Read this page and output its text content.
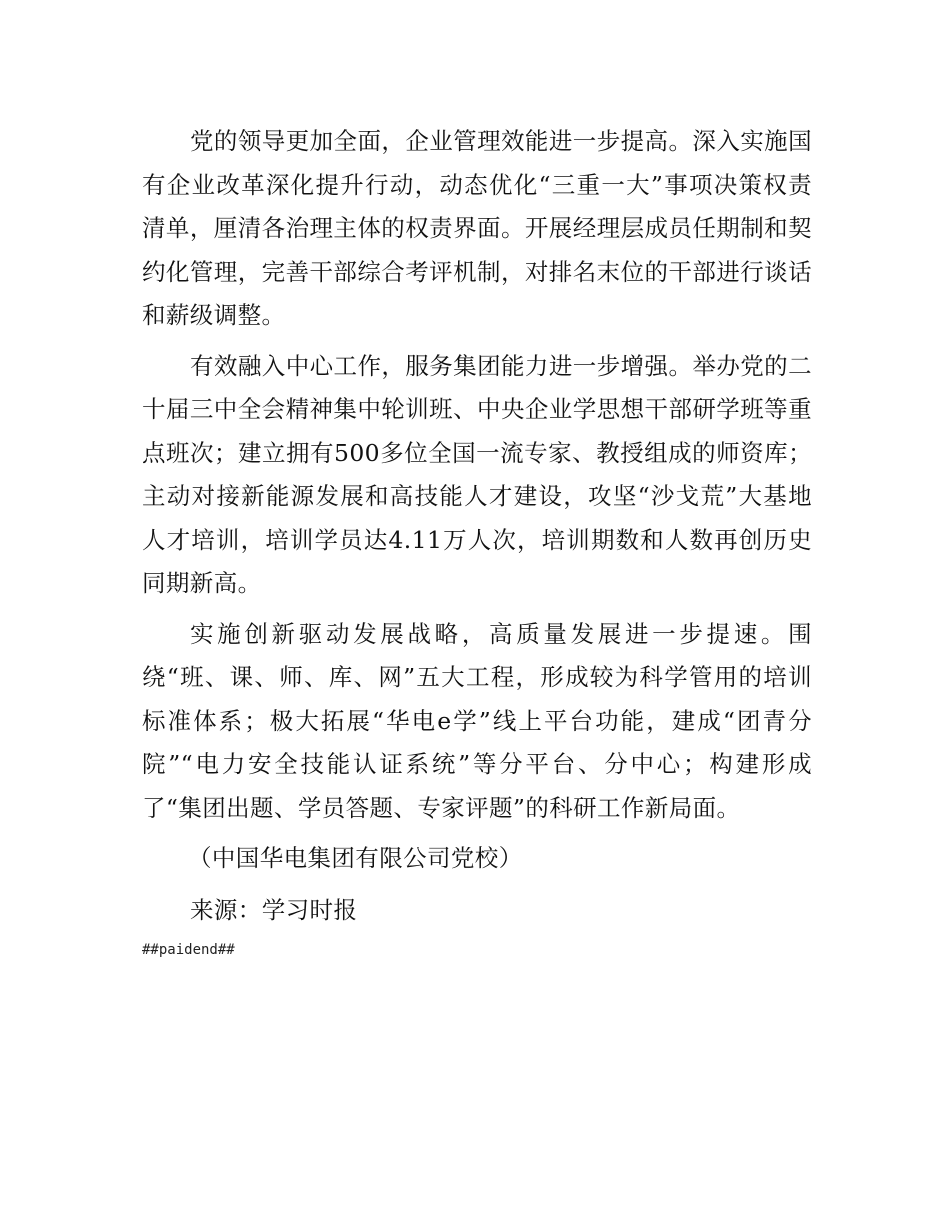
党的领导更加全面，企业管理效能进一步提高。深入实施国有企业改革深化提升行动，动态优化“三重一大”事项决策权责清单，厘清各治理主体的权责界面。开展经理层成员任期制和契约化管理，完善干部综合考评机制，对排名末位的干部进行谈话和薪级调整。

有效融入中心工作，服务集团能力进一步增强。举办党的二十届三中全会精神集中轮训班、中央企业学思想干部研学班等重点班次；建立拥有500多位全国一流专家、教授组成的师资库；主动对接新能源发展和高技能人才建设，攻坚“沙戈荒”大基地人才培训，培训学员达4.11万人次，培训期数和人数再创历史同期新高。

实施创新驱动发展战略，高质量发展进一步提速。围绕“班、课、师、库、网”五大工程，形成较为科学管用的培训标准体系；极大拓展“华电e学”线上平台功能，建成“团青分院”“电力安全技能认证系统”等分平台、分中心；构建形成了“集团出题、学员答题、专家评题”的科研工作新局面。

（中国华电集团有限公司党校）

来源：学习时报

##paidend##
